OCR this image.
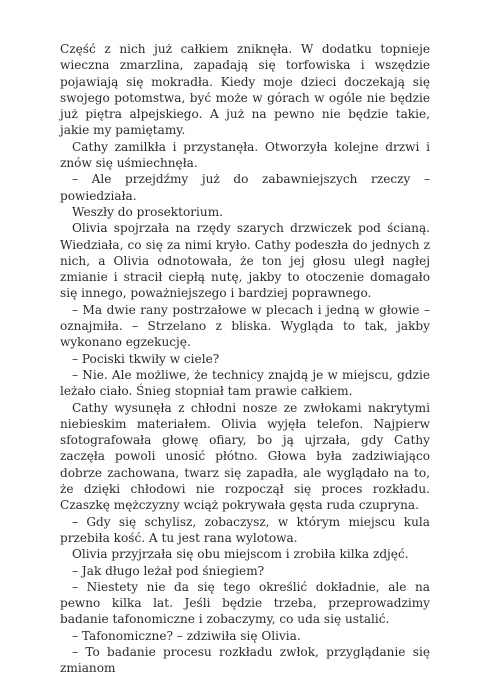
Część z nich już całkiem zniknęła. W dodatku topnieje wieczna zmarzlina, zapadają się torfowiska i wszędzie pojawiają się mokradła. Kiedy moje dzieci doczekają się swojego potomstwa, być może w górach w ogóle nie będzie już piętra alpejskiego. A już na pewno nie będzie takie, jakie my pamiętamy.

Cathy zamilkła i przystanęła. Otworzyła kolejne drzwi i znów się uśmiechnęła.

– Ale przejdźmy już do zabawniejszych rzeczy – powiedziała.

Weszły do prosektorium.

Olivia spojrzała na rzędy szarych drzwiczek pod ścianą. Wiedziała, co się za nimi kryło. Cathy podeszła do jednych z nich, a Olivia odnotowała, że ton jej głosu uległ nagłej zmianie i stracił ciepłą nutę, jakby to otoczenie domagało się innego, poważniejszego i bardziej poprawnego.

– Ma dwie rany postrzałowe w plecach i jedną w głowie – oznajmiła. – Strzelano z bliska. Wygląda to tak, jakby wykonano egzekucję.

– Pociski tkwiły w ciele?

– Nie. Ale możliwe, że technicy znajdą je w miejscu, gdzie leżało ciało. Śnieg stopniał tam prawie całkiem.

Cathy wysunęła z chłodni nosze ze zwłokami nakrytymi niebieskim materiałem. Olivia wyjęła telefon. Najpierw sfotografowała głowę ofiary, bo ją ujrzała, gdy Cathy zaczęła powoli unosić płótno. Głowa była zadziwiająco dobrze zachowana, twarz się zapadła, ale wyglądało na to, że dzięki chłodowi nie rozpoczął się proces rozkładu. Czaszkę mężczyzny wciąż pokrywała gęsta ruda czupryna.

– Gdy się schylisz, zobaczysz, w którym miejscu kula przebiła kość. A tu jest rana wylotowa.

Olivia przyjrzała się obu miejscom i zrobiła kilka zdjęć.

– Jak długo leżał pod śniegiem?

– Niestety nie da się tego określić dokładnie, ale na pewno kilka lat. Jeśli będzie trzeba, przeprowadzimy badanie tafonomiczne i zobaczymy, co uda się ustalić.

– Tafonomiczne? – zdziwiła się Olivia.

– To badanie procesu rozkładu zwłok, przyglądanie się zmianom
